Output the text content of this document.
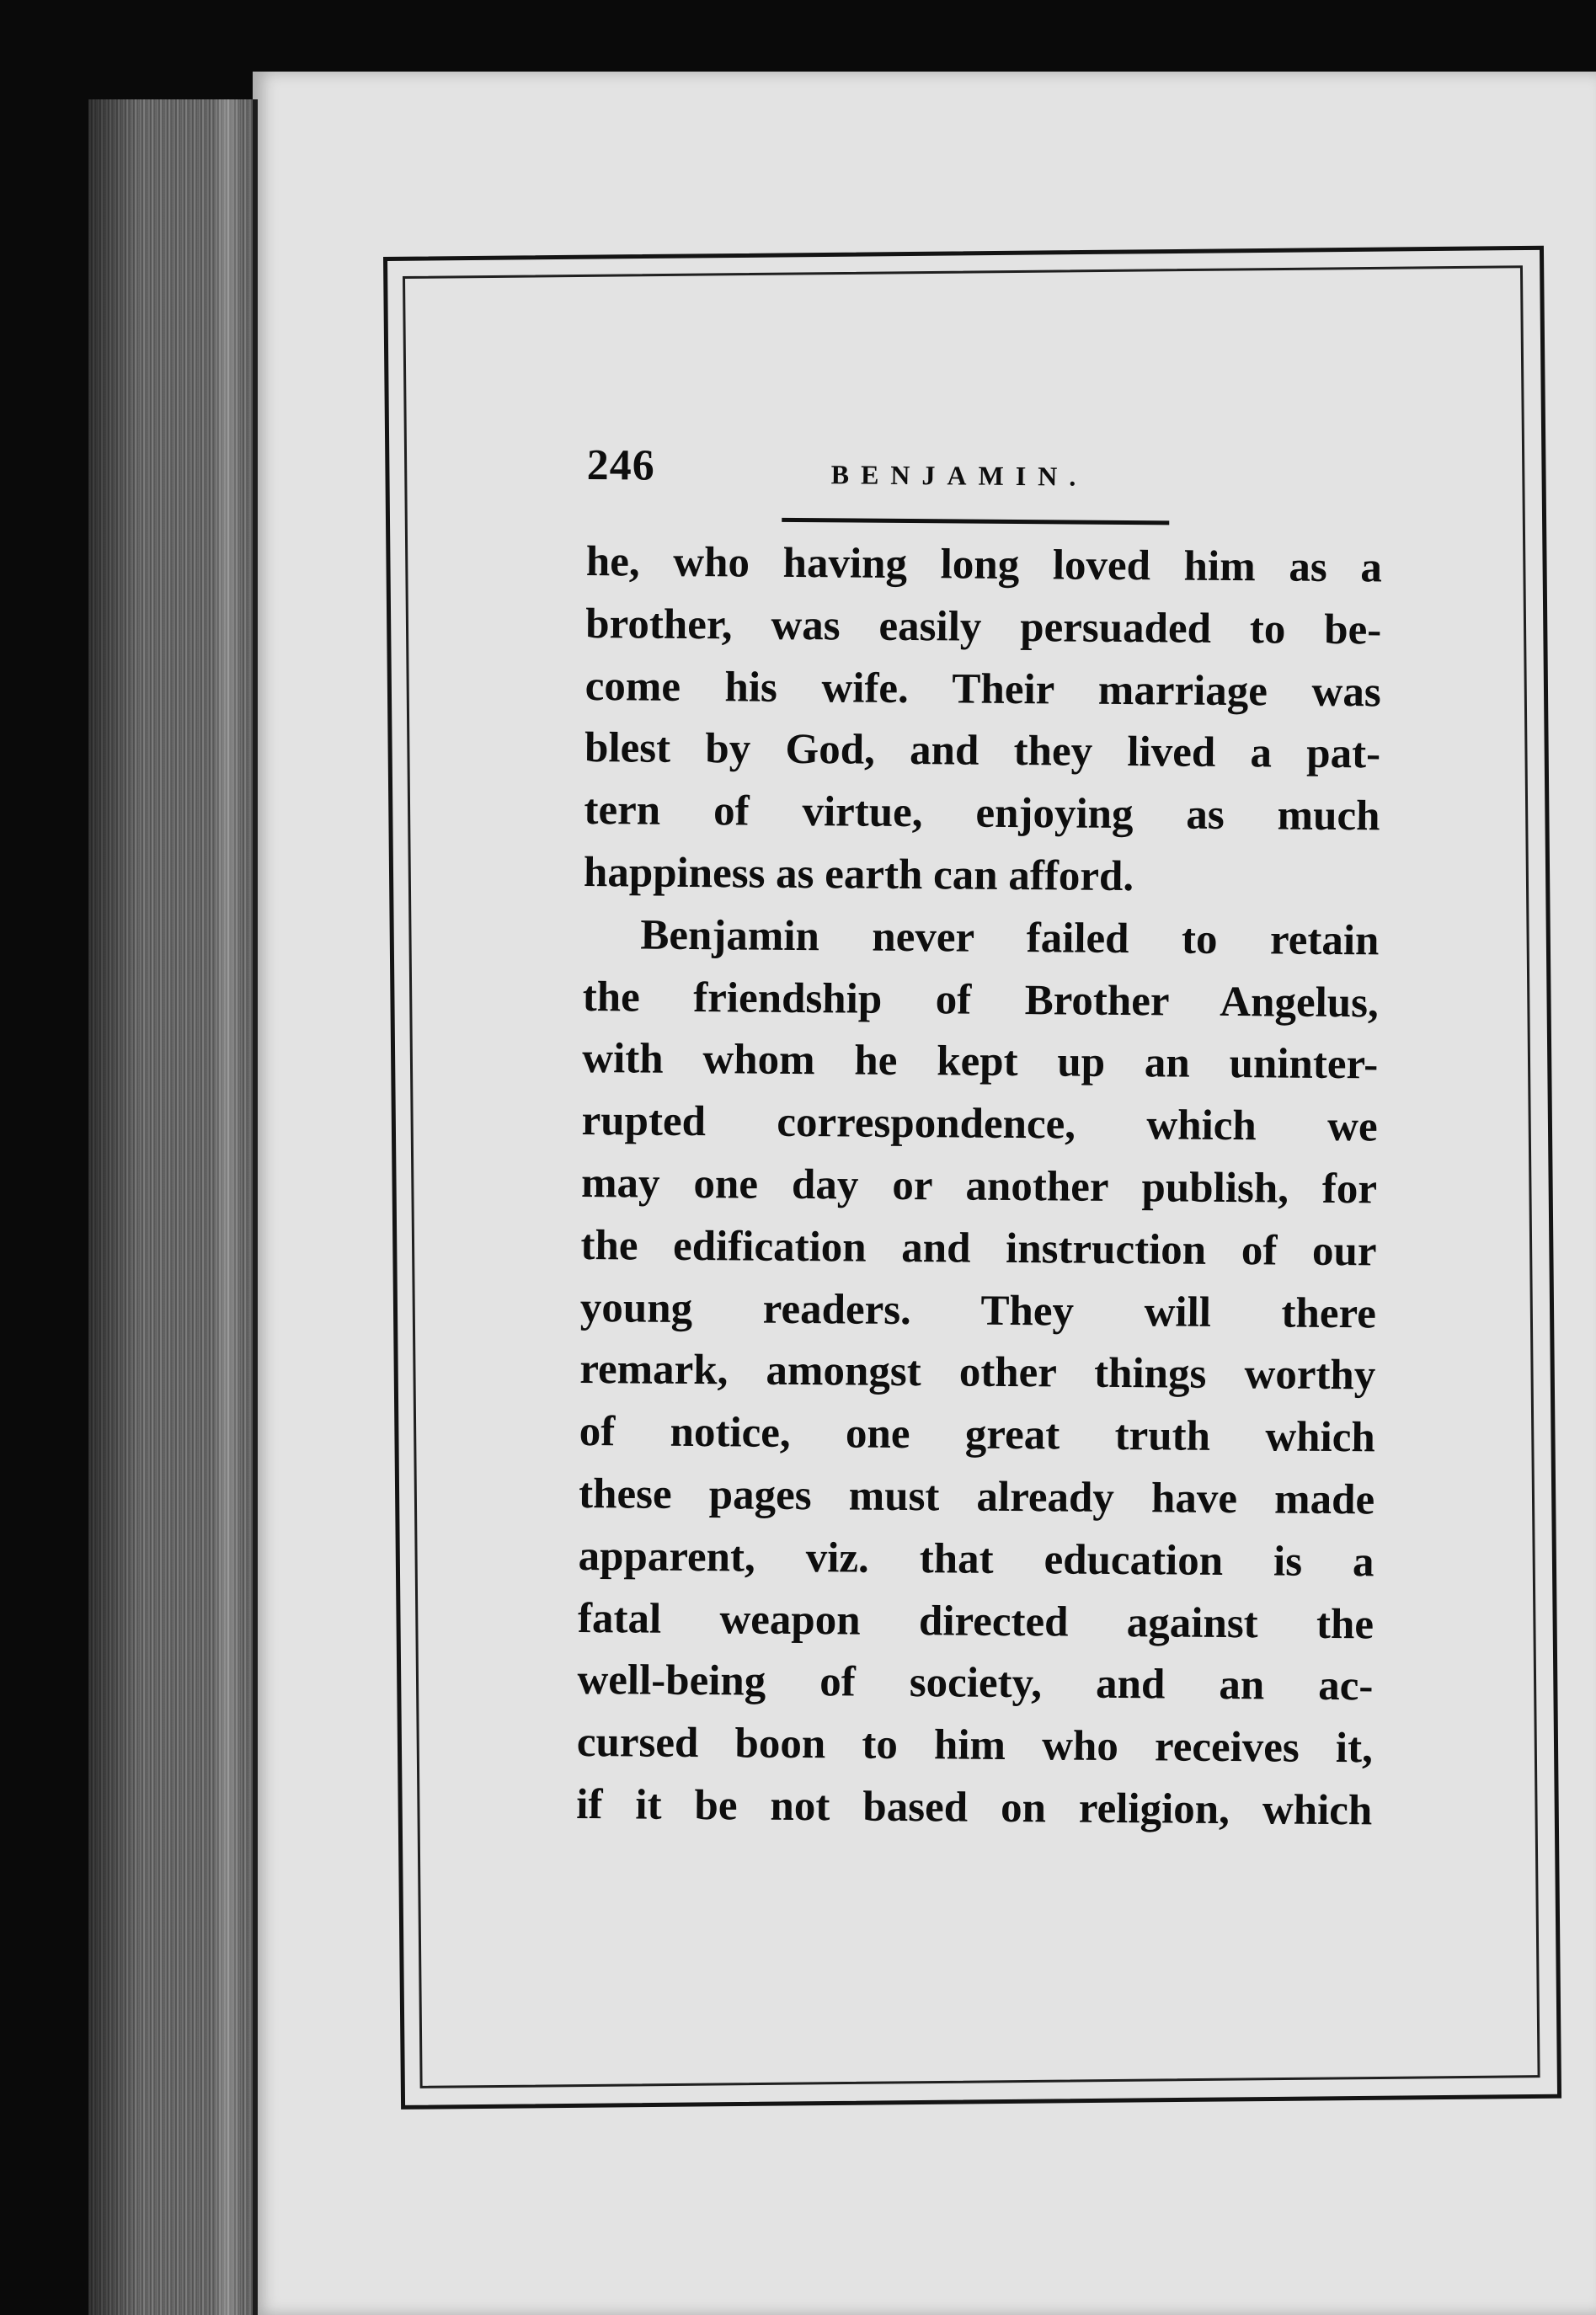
246	BENJAMIN.
he, who having long loved him as a
brother, was easily persuaded to be-
come his wife. Their marriage was
blest by God, and they lived a pat-
tern of virtue, enjoying as much
happiness as earth can afford.
Benjamin never failed to retain
the friendship of Brother Angelus,
with whom he kept up an uninter-
rupted correspondence, which we
may one day or another publish, for
the edification and instruction of our
young readers. They will there
remark, amongst other things worthy
of notice, one great truth which
these pages must already have made
apparent, viz. that education is a
fatal weapon directed against the
well-being of society, and an ac-
cursed boon to him who receives it,
if it be not based on religion, which
